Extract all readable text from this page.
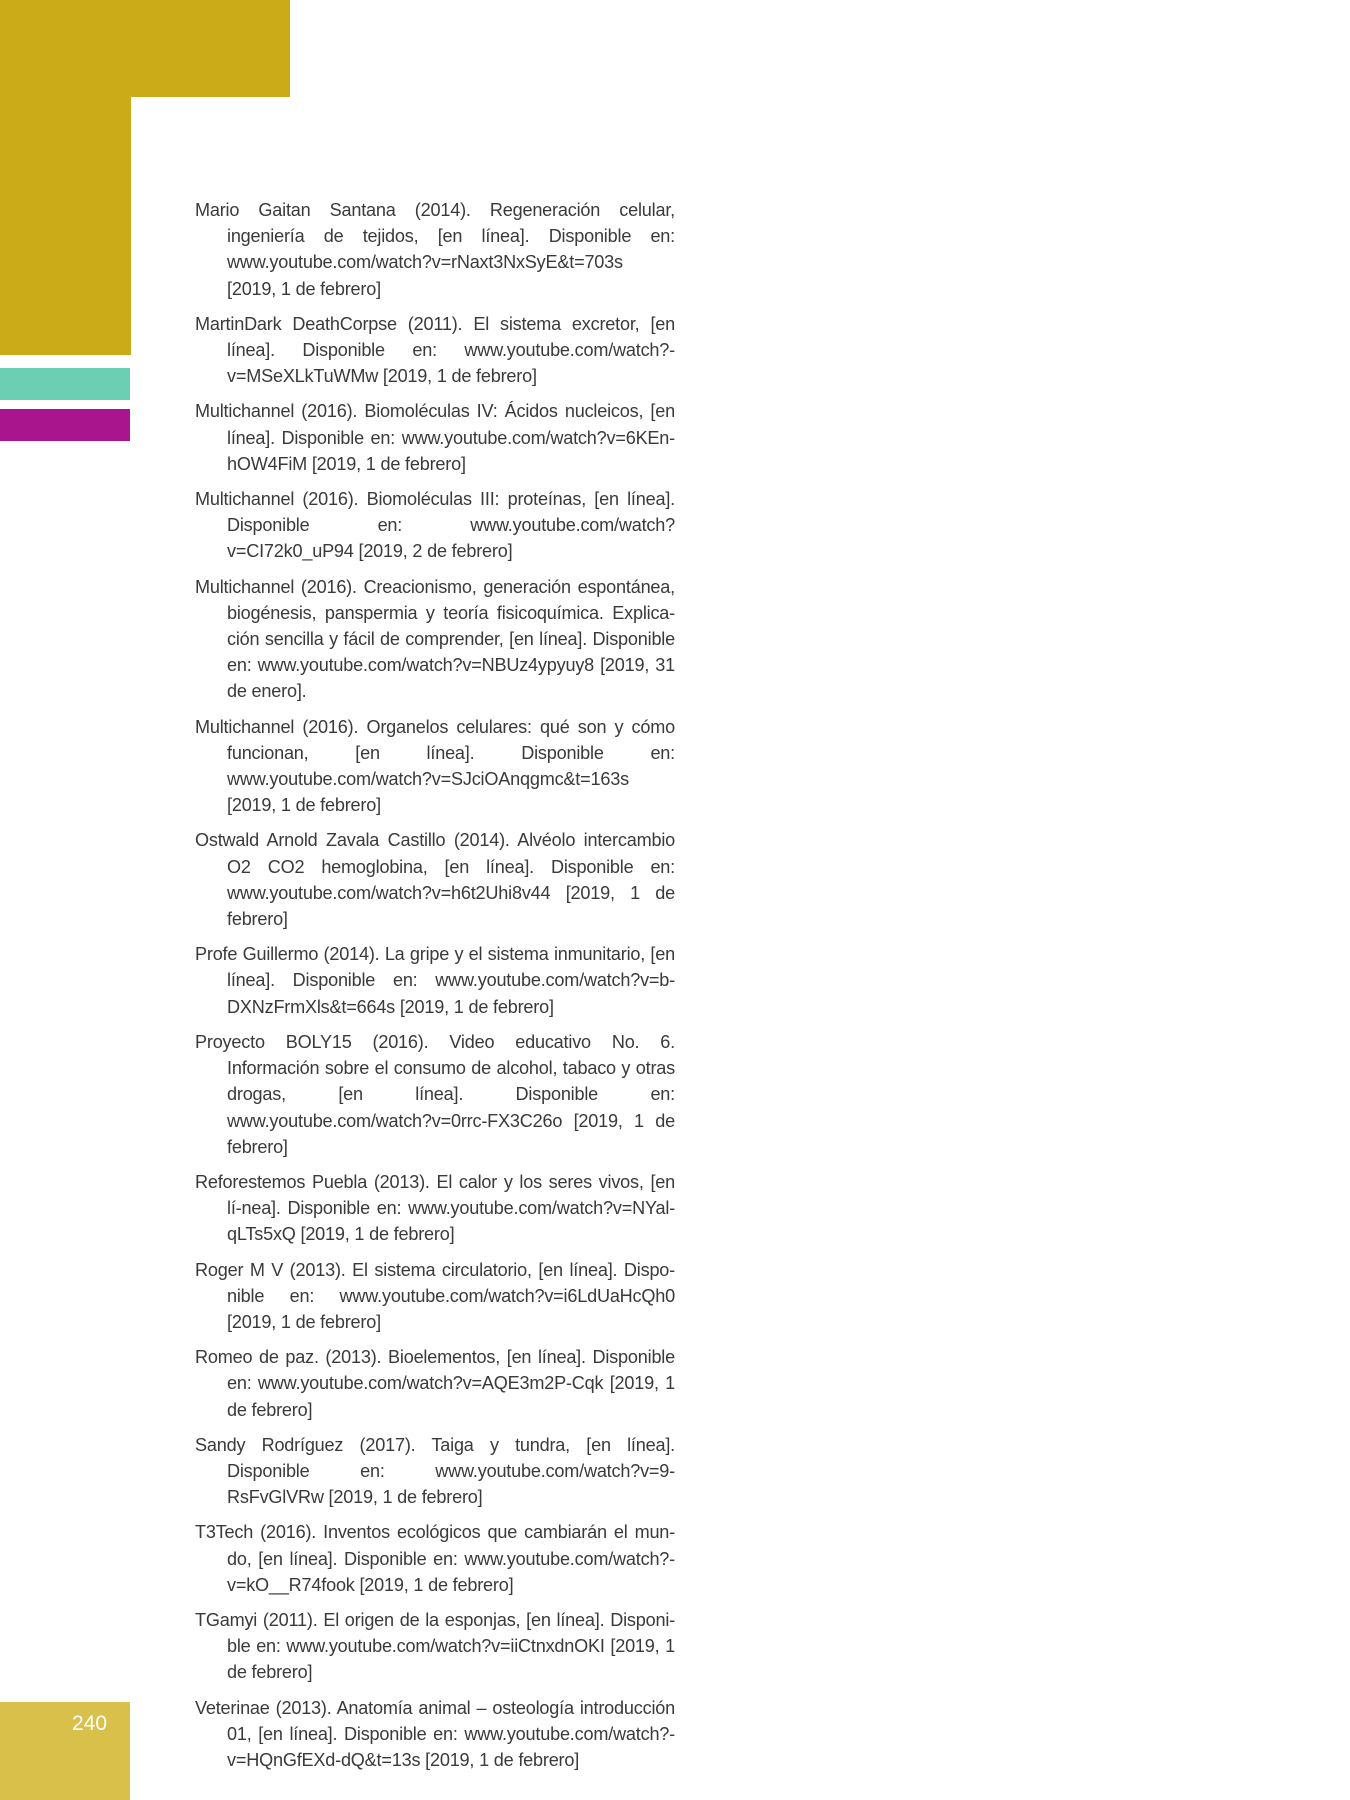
240
Mario Gaitan Santana (2014). Regeneración celular, ingeniería de tejidos, [en línea]. Disponible en: www.youtube.com/watch?v=rNaxt3NxSyE&t=703s [2019, 1 de febrero]
MartinDark DeathCorpse (2011). El sistema excretor, [en línea]. Disponible en: www.youtube.com/watch?-v=MSeXLkTuWMw [2019, 1 de febrero]
Multichannel (2016). Biomoléculas IV: Ácidos nucleicos, [en línea]. Disponible en: www.youtube.com/watch?v=6KEn-hOW4FiM [2019, 1 de febrero]
Multichannel (2016). Biomoléculas III: proteínas, [en línea]. Disponible en: www.youtube.com/watch?v=CI72k0_uP94 [2019, 2 de febrero]
Multichannel (2016). Creacionismo, generación espontánea, biogénesis, panspermia y teoría fisicoquímica. Explica-ción sencilla y fácil de comprender, [en línea]. Disponible en: www.youtube.com/watch?v=NBUz4ypyuy8 [2019, 31 de enero].
Multichannel (2016). Organelos celulares: qué son y cómo funcionan, [en línea]. Disponible en: www.youtube.com/watch?v=SJciOAnqgmc&t=163s [2019, 1 de febrero]
Ostwald Arnold Zavala Castillo (2014). Alvéolo intercambio O2 CO2 hemoglobina, [en línea]. Disponible en: www.youtube.com/watch?v=h6t2Uhi8v44 [2019, 1 de febrero]
Profe Guillermo (2014). La gripe y el sistema inmunitario, [en línea]. Disponible en: www.youtube.com/watch?v=b-DXNzFrmXls&t=664s [2019, 1 de febrero]
Proyecto BOLY15 (2016). Video educativo No. 6. Información sobre el consumo de alcohol, tabaco y otras drogas, [en línea]. Disponible en: www.youtube.com/watch?v=0rrc-FX3C26o [2019, 1 de febrero]
Reforestemos Puebla (2013). El calor y los seres vivos, [en lí-nea]. Disponible en: www.youtube.com/watch?v=NYal-qLTs5xQ [2019, 1 de febrero]
Roger M V (2013). El sistema circulatorio, [en línea]. Dispo-nible en: www.youtube.com/watch?v=i6LdUaHcQh0 [2019, 1 de febrero]
Romeo de paz. (2013). Bioelementos, [en línea]. Disponible en: www.youtube.com/watch?v=AQE3m2P-Cqk [2019, 1 de febrero]
Sandy Rodríguez (2017). Taiga y tundra, [en línea]. Disponible en: www.youtube.com/watch?v=9-RsFvGlVRw [2019, 1 de febrero]
T3Tech (2016). Inventos ecológicos que cambiarán el mun-do, [en línea]. Disponible en: www.youtube.com/watch?-v=kO__R74fook [2019, 1 de febrero]
TGamyi (2011). El origen de la esponjas, [en línea]. Disponi-ble en: www.youtube.com/watch?v=iiCtnxdnOKI [2019, 1 de febrero]
Veterinae (2013). Anatomía animal – osteología introducción 01, [en línea]. Disponible en: www.youtube.com/watch?-v=HQnGfEXd-dQ&t=13s [2019, 1 de febrero]
